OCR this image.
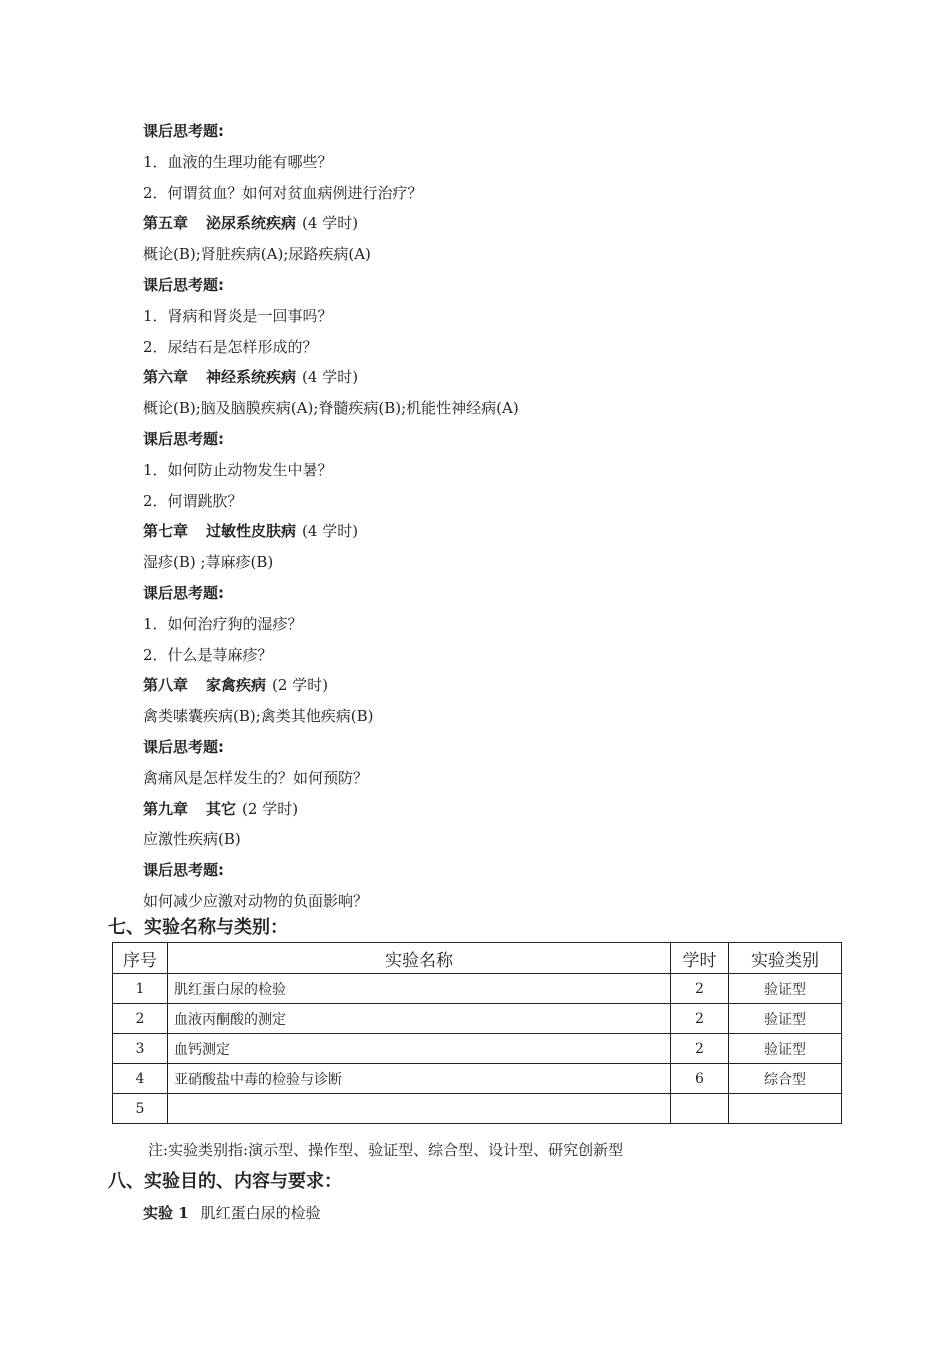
课后思考题:
1．血液的生理功能有哪些？
2．何谓贫血？如何对贫血病例进行治疗？
第五章 泌尿系统疾病 (4 学时)
概论(B);肾脏疾病(A);尿路疾病(A)
课后思考题:
1．肾病和肾炎是一回事吗？
2．尿结石是怎样形成的？
第六章 神经系统疾病 (4 学时)
概论(B);脑及脑膜疾病(A);脊髓疾病(B);机能性神经病(A)
课后思考题:
1．如何防止动物发生中暑？
2．何谓跳肷？
第七章 过敏性皮肤病 (4 学时)
湿疹(B) ;荨麻疹(B)
课后思考题:
1．如何治疗狗的湿疹？
2．什么是荨麻疹？
第八章 家禽疾病 (2 学时)
禽类嗉囊疾病(B);禽类其他疾病(B)
课后思考题:
禽痛风是怎样发生的？如何预防？
第九章 其它 (2 学时)
应激性疾病(B)
课后思考题:
如何减少应激对动物的负面影响？
七、实验名称与类别：
序号	实验名称	学时	实验类别
1	肌红蛋白尿的检验	2	验证型
2	血液丙酮酸的测定	2	验证型
3	血钙测定	2	验证型
4	亚硝酸盐中毒的检验与诊断	6	综合型
5			
注:实验类别指:演示型、操作型、验证型、综合型、设计型、研究创新型
八、实验目的、内容与要求：
实验 1 肌红蛋白尿的检验
